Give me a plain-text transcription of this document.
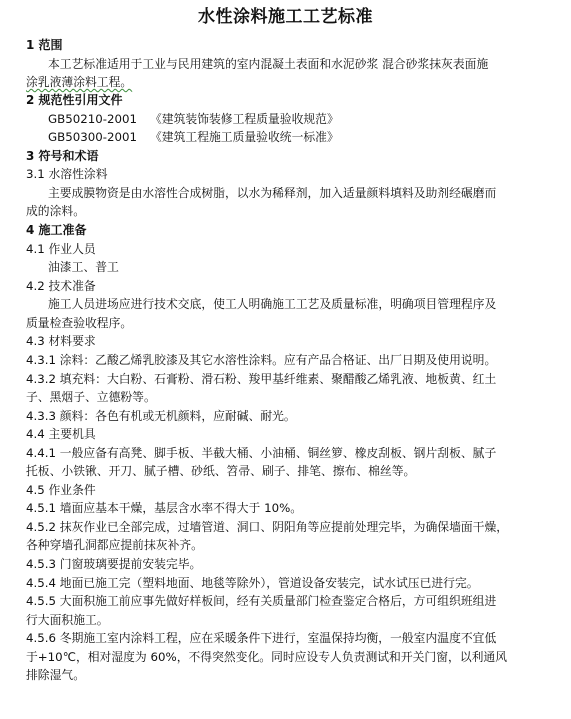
水性涂料施工工艺标准
1 范围
本工艺标准适用于工业与民用建筑的室内混凝土表面和水泥砂浆 混合砂浆抹灰表面施
涂乳液薄涂料工程。
2 规范性引用文件
GB50210-2001 《建筑装饰装修工程质量验收规范》
GB50300-2001 《建筑工程施工质量验收统一标准》
3 符号和术语
3.1 水溶性涂料
主要成膜物资是由水溶性合成树脂，以水为稀释剂，加入适量颜料填料及助剂经碾磨而
成的涂料。
4 施工准备
4.1 作业人员
油漆工、普工
4.2 技术准备
施工人员进场应进行技术交底，使工人明确施工工艺及质量标准，明确项目管理程序及
质量检查验收程序。
4.3 材料要求
4.3.1 涂料：乙酸乙烯乳胶漆及其它水溶性涂料。应有产品合格证、出厂日期及使用说明。
4.3.2 填充料：大白粉、石膏粉、滑石粉、羧甲基纤维素、聚醋酸乙烯乳液、地板黄、红土
子、黑烟子、立德粉等。
4.3.3 颜料：各色有机或无机颜料，应耐碱、耐光。
4.4 主要机具
4.4.1 一般应备有高凳、脚手板、半截大桶、小油桶、铜丝箩、橡皮刮板、钢片刮板、腻子
托板、小铁锹、开刀、腻子槽、砂纸、笤帚、刷子、排笔、擦布、棉丝等。
4.5 作业条件
4.5.1 墙面应基本干燥，基层含水率不得大于 10%。
4.5.2 抹灰作业已全部完成，过墙管道、洞口、阴阳角等应提前处理完毕，为确保墙面干燥，
各种穿墙孔洞都应提前抹灰补齐。
4.5.3 门窗玻璃要提前安装完毕。
4.5.4 地面已施工完（塑料地面、地毯等除外），管道设备安装完，试水试压已进行完。
4.5.5 大面积施工前应事先做好样板间，经有关质量部门检查鉴定合格后，方可组织班组进
行大面积施工。
4.5.6 冬期施工室内涂料工程，应在采暖条件下进行，室温保持均衡，一般室内温度不宜低
于+10℃，相对湿度为 60%，不得突然变化。同时应设专人负责测试和开关门窗，以利通风
排除湿气。
